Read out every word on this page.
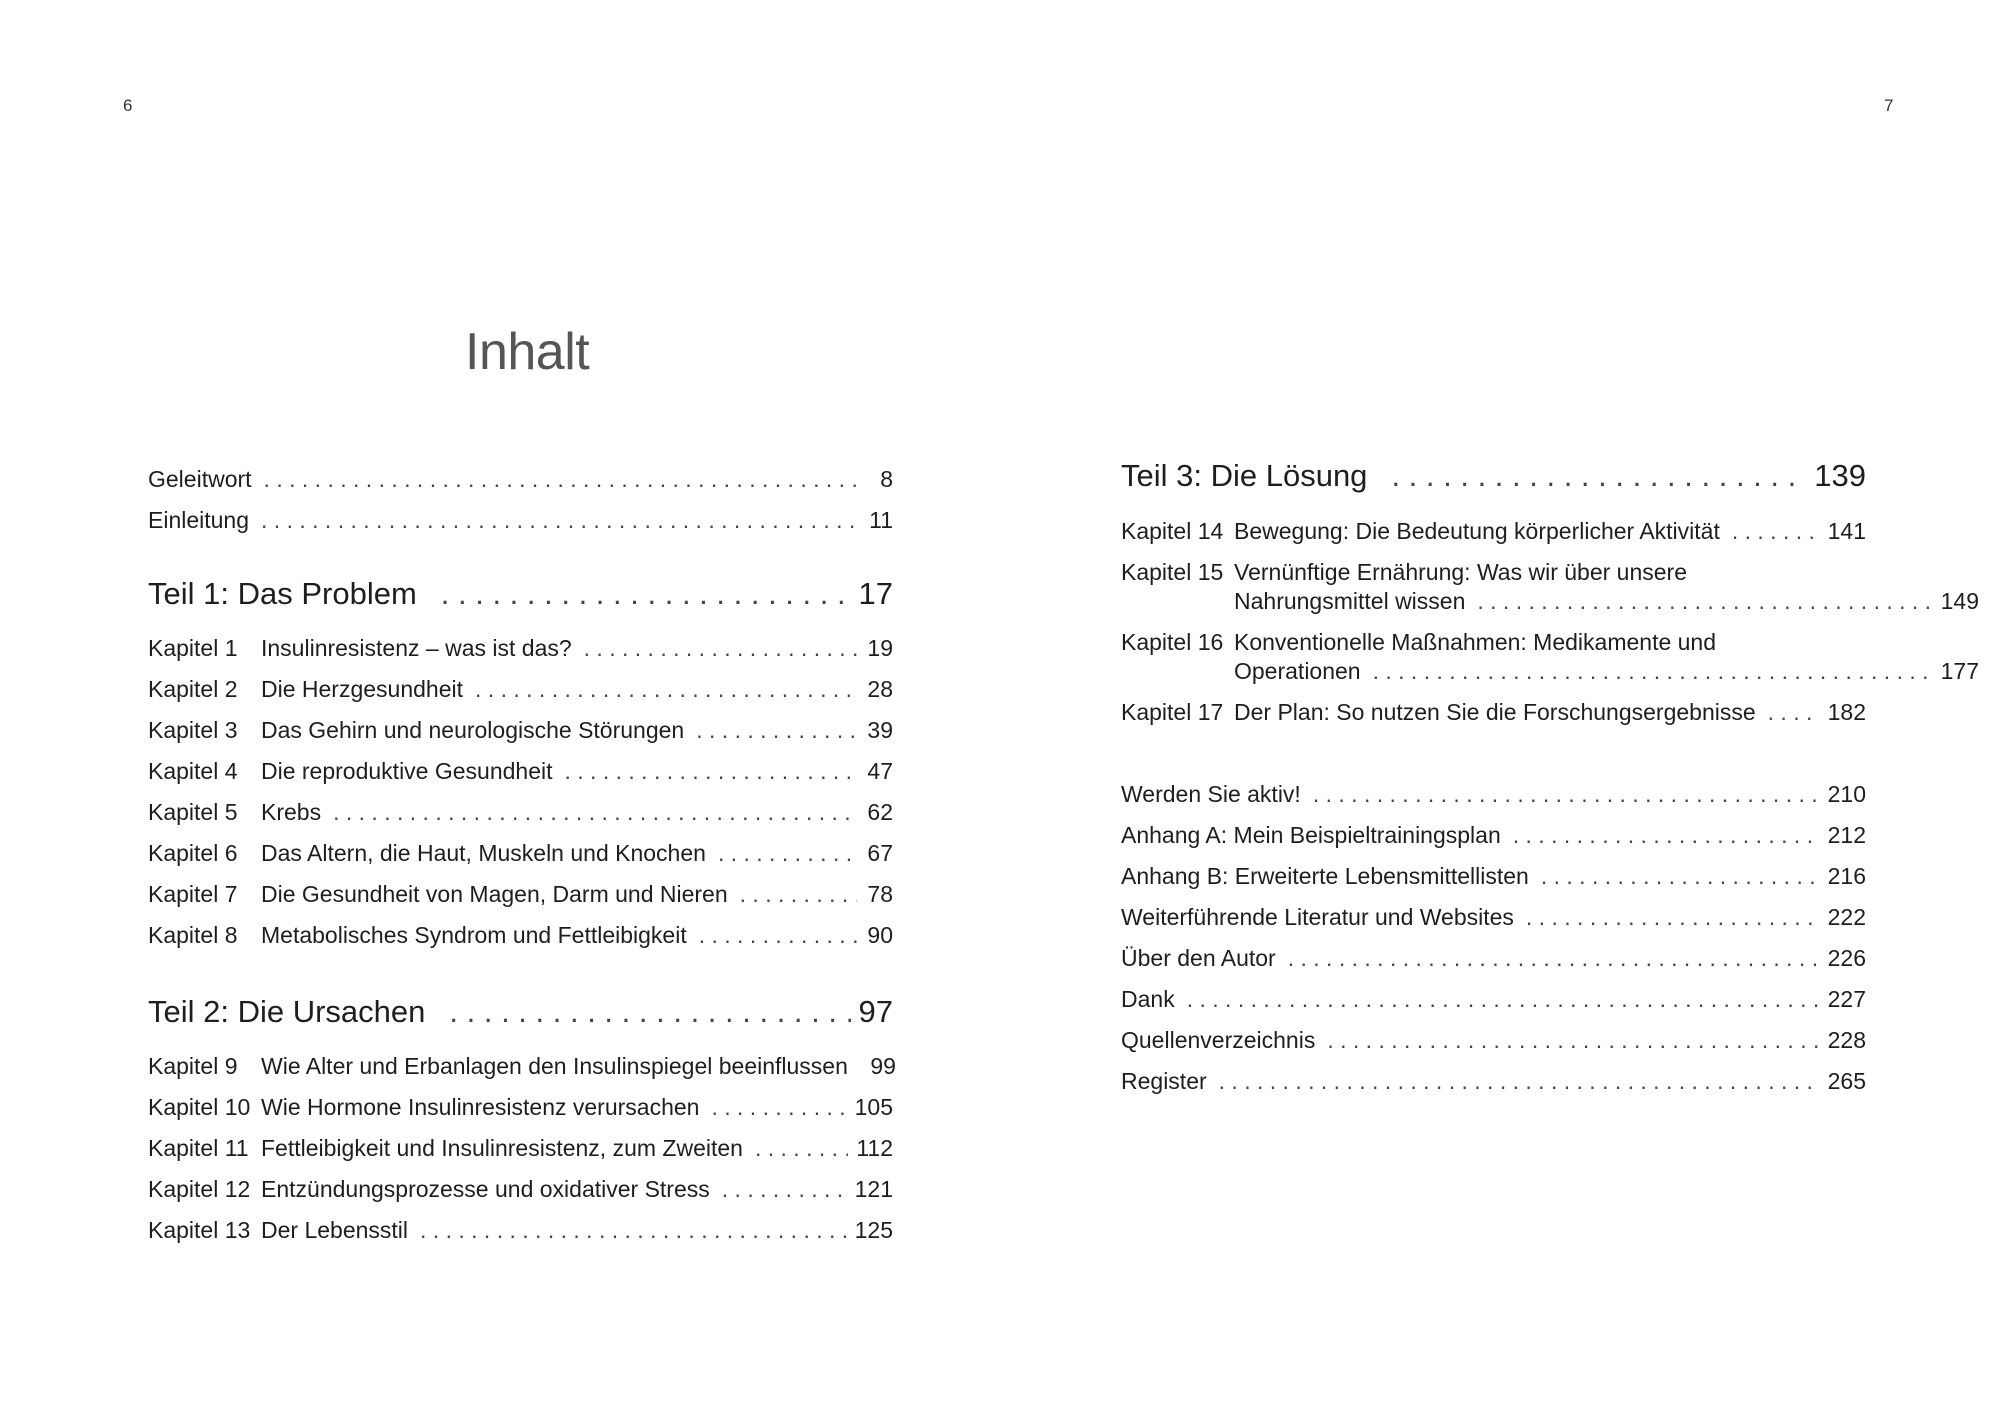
6	7
Inhalt
Geleitwort . . .	8
Einleitung . . .	11
Teil 1: Das Problem . . .	17
Kapitel 1	Insulinresistenz – was ist das? . . .	19
Kapitel 2	Die Herzgesundheit . . .	28
Kapitel 3	Das Gehirn und neurologische Störungen . . .	39
Kapitel 4	Die reproduktive Gesundheit . . .	47
Kapitel 5	Krebs . . .	62
Kapitel 6	Das Altern, die Haut, Muskeln und Knochen . . .	67
Kapitel 7	Die Gesundheit von Magen, Darm und Nieren . . .	78
Kapitel 8	Metabolisches Syndrom und Fettleibigkeit . . .	90
Teil 2: Die Ursachen . . .	97
Kapitel 9	Wie Alter und Erbanlagen den Insulinspiegel beeinflussen 99
Kapitel 10 Wie Hormone Insulinresistenz verursachen . . .	105
Kapitel 11 Fettleibigkeit und Insulinresistenz, zum Zweiten . . .	112
Kapitel 12 Entzündungsprozesse und oxidativer Stress . . .	121
Kapitel 13 Der Lebensstil . . .	125
Teil 3: Die Lösung . . .	139
Kapitel 14 Bewegung: Die Bedeutung körperlicher Aktivität . . .	141
Kapitel 15 Vernünftige Ernährung: Was wir über unsere
Nahrungsmittel wissen . . .	149
Kapitel 16 Konventionelle Maßnahmen: Medikamente und
Operationen . . .	177
Kapitel 17 Der Plan: So nutzen Sie die Forschungsergebnisse . . .	182
Werden Sie aktiv! . . .	210
Anhang A: Mein Beispieltrainingsplan . . .	212
Anhang B: Erweiterte Lebensmittellisten . . .	216
Weiterführende Literatur und Websites . . .	222
Über den Autor . . .	226
Dank . . .	227
Quellenverzeichnis . . .	228
Register . . .	265
